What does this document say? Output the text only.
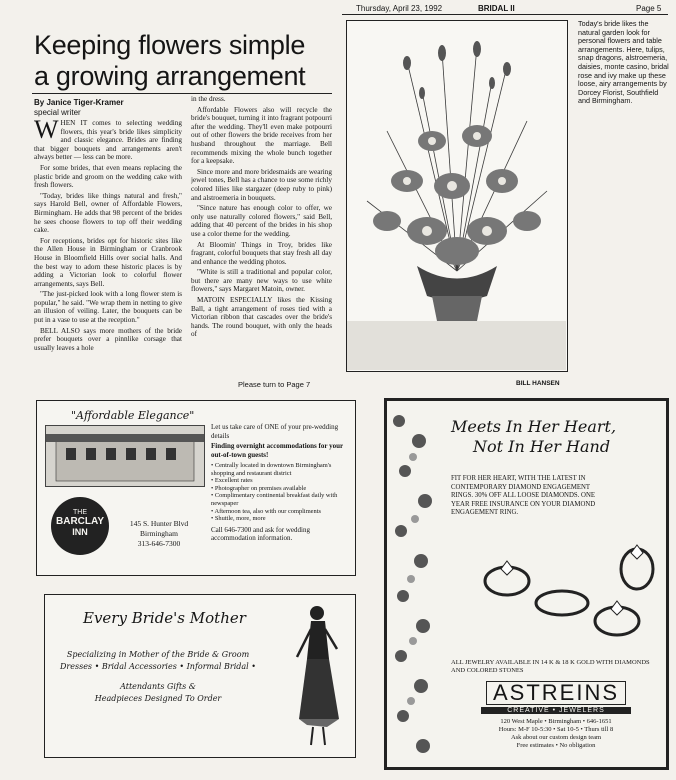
Thursday, April 23, 1992	BRIDAL II	Page 5
Keeping flowers simple
a growing arrangement
By Janice Tiger-Kramer
special writer
W HEN IT comes to selecting wedding flowers, this year's bride likes simplicity and classic elegance. Brides are finding that bigger bouquets and arrangements aren't always better — less can be more.

For some brides, that even means replacing the plastic bride and groom on the wedding cake with fresh flowers.

"Today, brides like things natural and fresh," says Harold Bell, owner of Affordable Flowers, Birmingham. He adds that 98 percent of the brides he sees choose flowers to top off their wedding cake.

For receptions, brides opt for historic sites like the Allen House in Birmingham or Cranbrook House in Bloomfield Hills over social halls. And the best way to adorn these historic places is by adding a Victorian look to colorful flower arrangements, says Bell.

"The just-picked look with a long flower stem is popular," he said. "We wrap them in netting to give an illusion of veiling. Later, the bouquets can be put in a vase to use at the reception."

BELL ALSO says more mothers of the bride prefer bouquets over a pinnlike corsage that usually leaves a hole

in the dress.

Affordable Flowers also will recycle the bride's bouquet, turning it into fragrant potpourri after the wedding. They'll even make potpourri out of other flowers the bride receives from her husband throughout the marriage. Bell recommends mixing the whole bunch together for a keepsake.

Since more and more bridesmaids are wearing jewel tones, Bell has a chance to use some richly colored lilies like stargazer (deep ruby to pink) and alstroemeria in bouquets.

"Since nature has enough color to offer, we only use naturally colored flowers," said Bell, adding that 40 percent of the brides in his shop use a color theme for the wedding.

At Bloomin' Things in Troy, brides like fragrant, colorful bouquets that stay fresh all day and enhance the wedding photos.

"White is still a traditional and popular color, but there are many new ways to use white flowers," says Margaret Matoin, owner.

MATOIN ESPECIALLY likes the Kissing Ball, a tight arrangement of roses tied with a Victorian ribbon that cascades over the bride's hands. The round bouquet, with only the heads of

Please turn to Page 7
Today's bride likes the natural garden look for personal flowers and table arrangements. Here, tulips, snap dragons, alstroemeria, daisies, monte casino, bridal rose and ivy make up these loose, airy arrangements by Dorcey Florist, Southfield and Birmingham.
BILL HANSEN
"Affordable Elegance"
THE
BARCLAY
INN
145 S. Hunter Blvd
Birmingham
313-646-7300
Let us take care of ONE of your pre-wedding details
Finding overnight accommodations for your out-of-town guests!
• Centrally located in downtown Birmingham's shopping and restaurant district
• Excellent rates
• Photographer on premises available
• Complimentary continental breakfast daily with newspaper
• Afternoon tea, also with our compliments
• Shuttle, more, more
Call 646-7300 and ask for wedding accommodation information.
Every Bride's Mother
Specializing in Mother of the Bride & Groom
Dresses • Bridal Accessories • Informal Bridal •
Attendants Gifts &
Headpieces Designed To Order
Meets In Her Heart,
Not In Her Hand
FIT FOR HER HEART, WITH THE LATEST IN CONTEMPORARY DIAMOND ENGAGEMENT RINGS. 30% OFF ALL LOOSE DIAMONDS. ONE YEAR FREE INSURANCE ON YOUR DIAMOND ENGAGEMENT RING.
ALL JEWELRY AVAILABLE IN 14 K & 18 K GOLD WITH DIAMONDS AND COLORED STONES
ASTREINS
CREATIVE • JEWELERS
120 West Maple • Birmingham • 646-1651
Hours: M-F 10-5:30 • Sat 10-5 • Thurs till 8
Ask about our custom design team
Free estimates • No obligation
